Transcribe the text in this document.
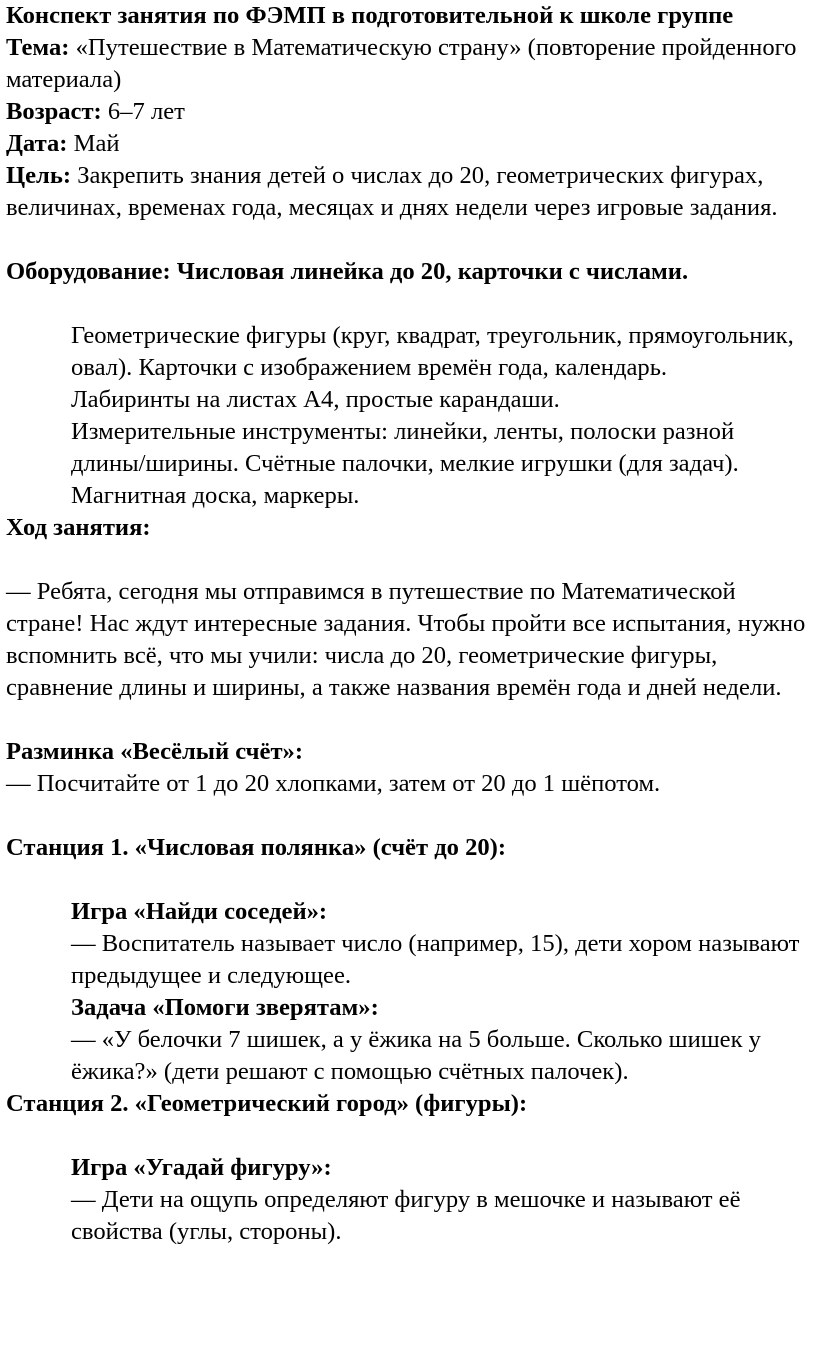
Конспект занятия по ФЭМП в подготовительной к школе группе

Тема: «Путешествие в Математическую страну» (повторение пройденного материала)

Возраст: 6–7 лет

Дата: Май

Цель: Закрепить знания детей о числах до 20, геометрических фигурах, величинах, временах года, месяцах и днях недели через игровые задания.

Оборудование: Числовая линейка до 20, карточки с числами.

Геометрические фигуры (круг, квадрат, треугольник, прямоугольник, овал). Карточки с изображением времён года, календарь.

Лабиринты на листах А4, простые карандаши.

Измерительные инструменты: линейки, ленты, полоски разной длины/ширины. Счётные палочки, мелкие игрушки (для задач).

Магнитная доска, маркеры.

Ход занятия:

— Ребята, сегодня мы отправимся в путешествие по Математической стране! Нас ждут интересные задания. Чтобы пройти все испытания, нужно вспомнить всё, что мы учили: числа до 20, геометрические фигуры, сравнение длины и ширины, а также названия времён года и дней недели.

Разминка «Весёлый счёт»:

— Посчитайте от 1 до 20 хлопками, затем от 20 до 1 шёпотом.

Станция 1. «Числовая полянка» (счёт до 20):

Игра «Найди соседей»:

— Воспитатель называет число (например, 15), дети хором называют предыдущее и следующее.

Задача «Помоги зверятам»:

— «У белочки 7 шишек, а у ёжика на 5 больше. Сколько шишек у ёжика?» (дети решают с помощью счётных палочек).

Станция 2. «Геометрический город» (фигуры):

Игра «Угадай фигуру»:

— Дети на ощупь определяют фигуру в мешочке и называют её свойства (углы, стороны).
